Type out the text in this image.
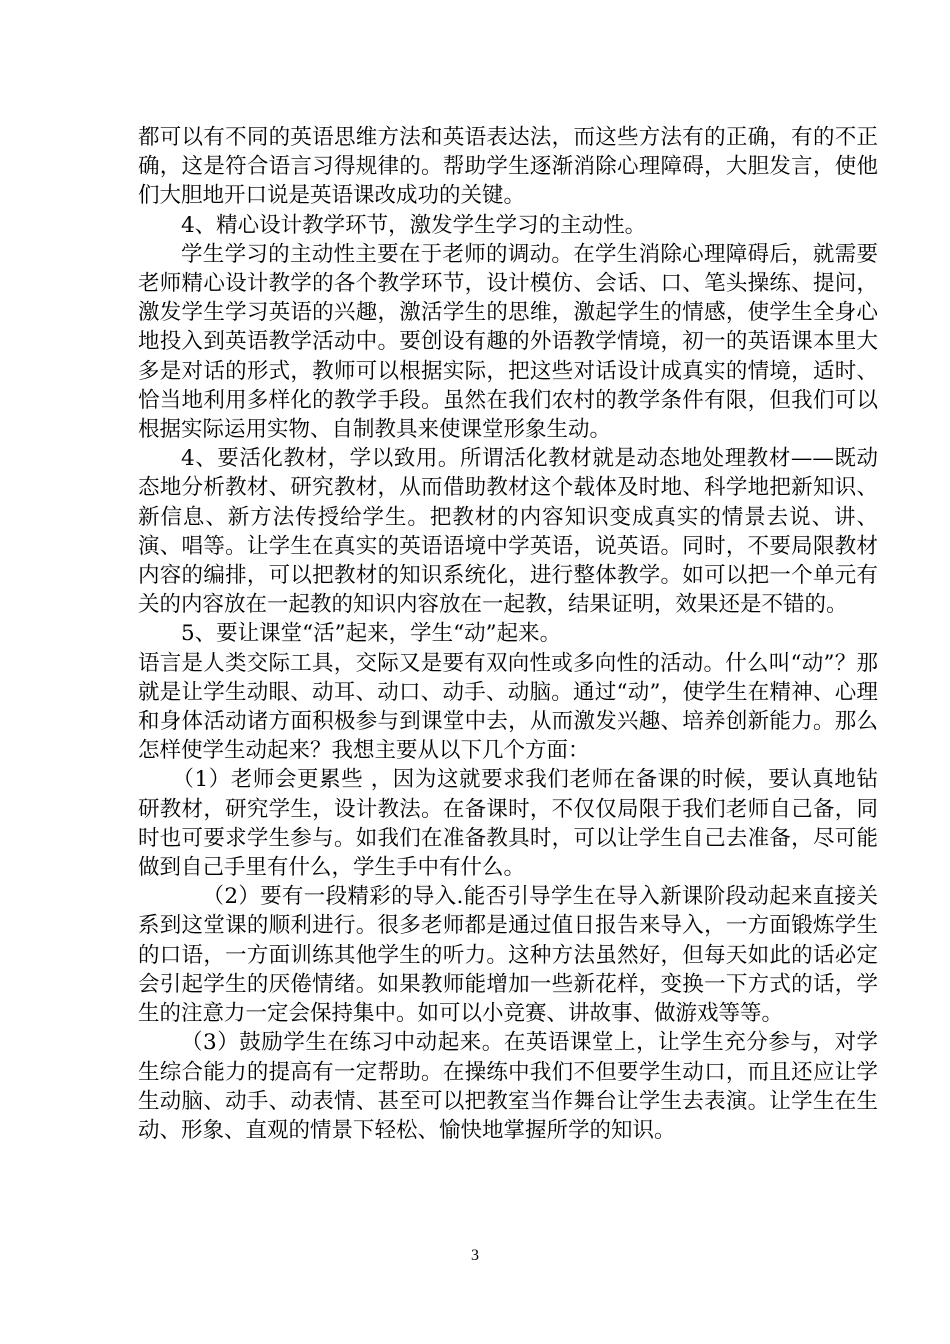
都可以有不同的英语思维方法和英语表达法，而这些方法有的正确，有的不正确，这是符合语言习得规律的。帮助学生逐渐消除心理障碍，大胆发言，使他们大胆地开口说是英语课改成功的关键。

4、精心设计教学环节，激发学生学习的主动性。

学生学习的主动性主要在于老师的调动。在学生消除心理障碍后，就需要老师精心设计教学的各个教学环节，设计模仿、会话、口、笔头操练、提问，激发学生学习英语的兴趣，激活学生的思维，激起学生的情感，使学生全身心地投入到英语教学活动中。要创设有趣的外语教学情境，初一的英语课本里大多是对话的形式，教师可以根据实际，把这些对话设计成真实的情境，适时、恰当地利用多样化的教学手段。虽然在我们农村的教学条件有限，但我们可以根据实际运用实物、自制教具来使课堂形象生动。

4、要活化教材，学以致用。所谓活化教材就是动态地处理教材——既动态地分析教材、研究教材，从而借助教材这个载体及时地、科学地把新知识、新信息、新方法传授给学生。把教材的内容知识变成真实的情景去说、讲、演、唱等。让学生在真实的英语语境中学英语，说英语。同时，不要局限教材内容的编排，可以把教材的知识系统化，进行整体教学。如可以把一个单元有关的内容放在一起教的知识内容放在一起教，结果证明，效果还是不错的。

5、要让课堂“活”起来，学生“动”起来。

语言是人类交际工具，交际又是要有双向性或多向性的活动。什么叫“动”？那就是让学生动眼、动耳、动口、动手、动脑。通过“动”，使学生在精神、心理和身体活动诸方面积极参与到课堂中去，从而激发兴趣、培养创新能力。那么怎样使学生动起来？我想主要从以下几个方面：

（1）老师会更累些 ，因为这就要求我们老师在备课的时候，要认真地钻研教材，研究学生，设计教法。在备课时，不仅仅局限于我们老师自己备，同时也可要求学生参与。如我们在准备教具时，可以让学生自己去准备，尽可能做到自己手里有什么，学生手中有什么。

（2）要有一段精彩的导入.能否引导学生在导入新课阶段动起来直接关系到这堂课的顺利进行。很多老师都是通过值日报告来导入，一方面锻炼学生的口语，一方面训练其他学生的听力。这种方法虽然好，但每天如此的话必定会引起学生的厌倦情绪。如果教师能增加一些新花样，变换一下方式的话，学生的注意力一定会保持集中。如可以小竞赛、讲故事、做游戏等等。

（3）鼓励学生在练习中动起来。在英语课堂上，让学生充分参与，对学生综合能力的提高有一定帮助。在操练中我们不但要学生动口，而且还应让学生动脑、动手、动表情、甚至可以把教室当作舞台让学生去表演。让学生在生动、形象、直观的情景下轻松、愉快地掌握所学的知识。

3
